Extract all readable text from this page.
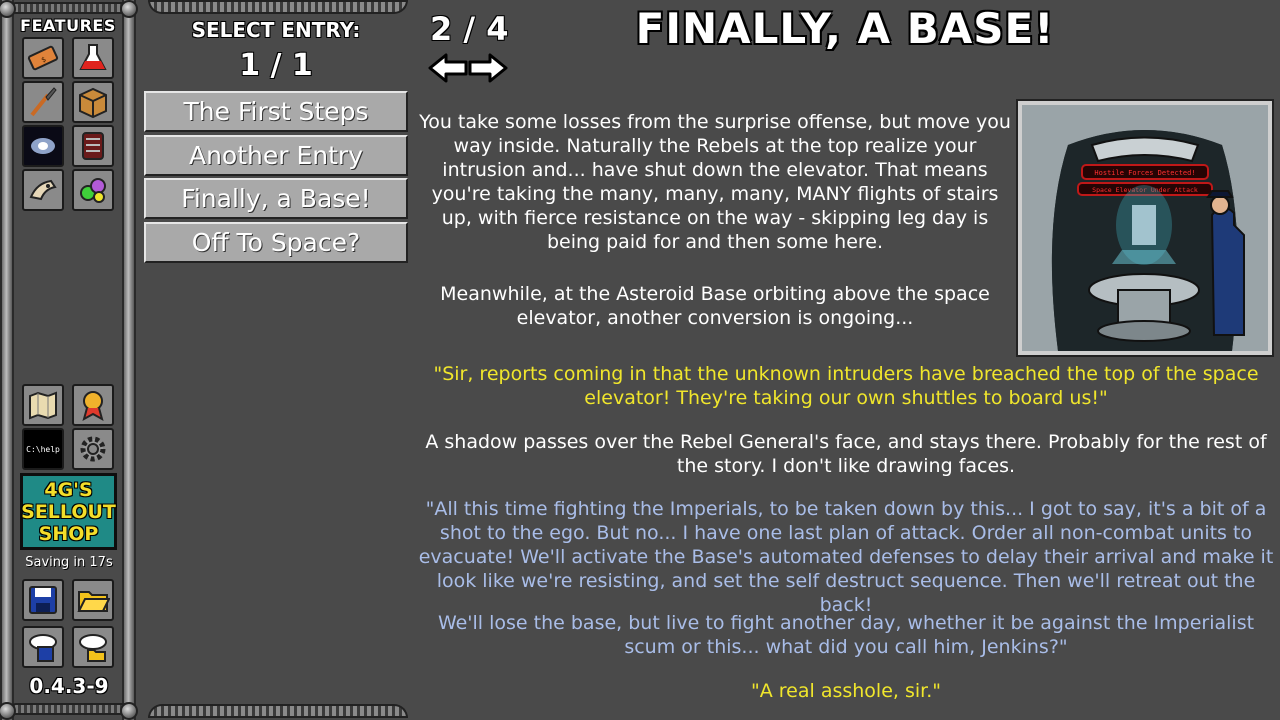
FEATURES
$
C:\help
4G'S SELLOUT SHOP
Saving in 17s
0.4.3-9
SELECT ENTRY:
1 / 1
The First Steps
Another Entry
Finally, a Base!
Off To Space?
2 / 4	FINALLY, A BASE!
You take some losses from the surprise offense, but move you way inside. Naturally the Rebels at the top realize your intrusion and... have shut down the elevator. That means you're taking the many, many, many, MANY flights of stairs up, with fierce resistance on the way - skipping leg day is being paid for and then some here.
Meanwhile, at the Asteroid Base orbiting above the space elevator, another conversion is ongoing...
"Sir, reports coming in that the unknown intruders have breached the top of the space elevator! They're taking our own shuttles to board us!"
A shadow passes over the Rebel General's face, and stays there. Probably for the rest of the story. I don't like drawing faces.
"All this time fighting the Imperials, to be taken down by this... I got to say, it's a bit of a shot to the ego. But no... I have one last plan of attack. Order all non-combat units to evacuate! We'll activate the Base's automated defenses to delay their arrival and make it look like we're resisting, and set the self destruct sequence. Then we'll retreat out the back!
We'll lose the base, but live to fight another day, whether it be against the Imperialist scum or this... what did you call him, Jenkins?"
"A real asshole, sir."
Hostile Forces Detected!
Space Elevator Under Attack
